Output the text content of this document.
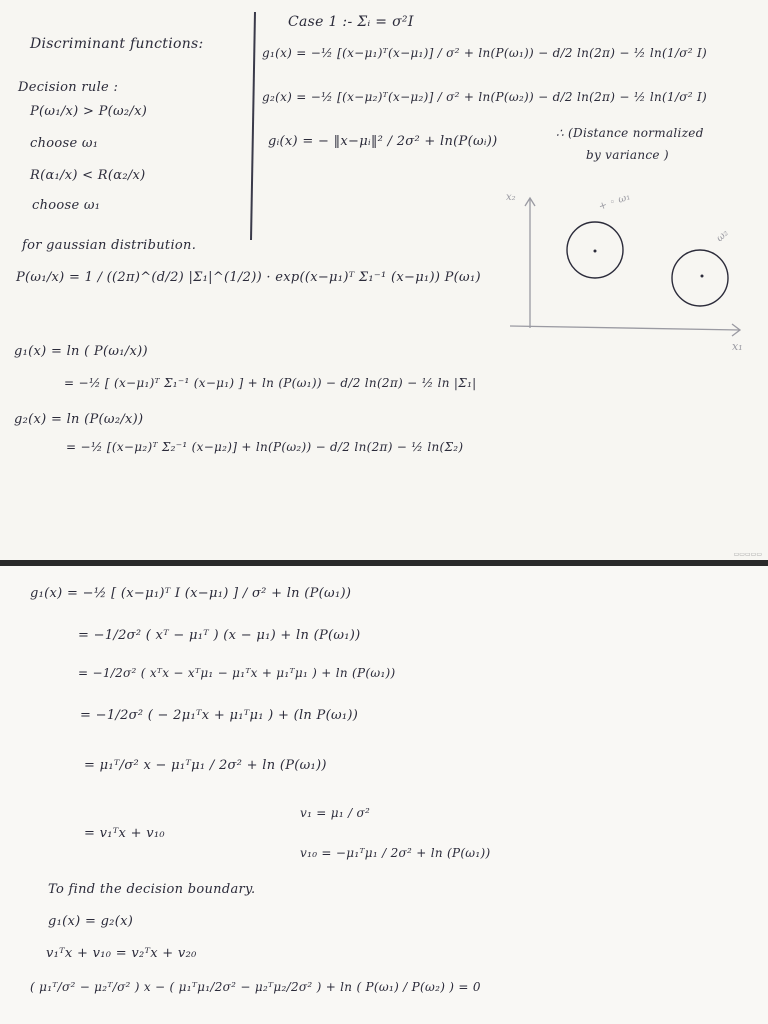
Discriminant functions:
Decision rule :
P(ω₁/x) > P(ω₂/x)
choose ω₁
R(α₁/x) < R(α₂/x)
choose ω₁
Case 1 :- Σᵢ = σ²I
g₁(x) = −½ [(x−μ₁)ᵀ(x−μ₁)] / σ² + ln(P(ω₁)) − d/2 ln(2π) − ½ ln(1/σ² I)
g₂(x) = −½ [(x−μ₂)ᵀ(x−μ₂)] / σ² + ln(P(ω₂)) − d/2 ln(2π) − ½ ln(1/σ² I)
gᵢ(x) = − ‖x−μᵢ‖² / 2σ² + ln(P(ωᵢ))
∴ (Distance normalized
by variance )
x₂
x₁
+ ◦ ω₁
ω₂
for gaussian distribution.
P(ω₁/x) = 1 / ((2π)^(d/2) |Σ₁|^(1/2)) · exp((x−μ₁)ᵀ Σ₁⁻¹ (x−μ₁)) P(ω₁)
g₁(x) = ln ( P(ω₁/x))
= −½ [ (x−μ₁)ᵀ Σ₁⁻¹ (x−μ₁) ] + ln (P(ω₁)) − d/2 ln(2π) − ½ ln |Σ₁|
g₂(x) = ln (P(ω₂/x))
= −½ [(x−μ₂)ᵀ Σ₂⁻¹ (x−μ₂)] + ln(P(ω₂)) − d/2 ln(2π) − ½ ln(Σ₂)
▭▭▭▭▭
g₁(x) = −½ [ (x−μ₁)ᵀ I (x−μ₁) ] / σ² + ln (P(ω₁))
= −1/2σ² ( xᵀ − μ₁ᵀ ) (x − μ₁) + ln (P(ω₁))
= −1/2σ² ( xᵀx − xᵀμ₁ − μ₁ᵀx + μ₁ᵀμ₁ ) + ln (P(ω₁))
= −1/2σ² ( − 2μ₁ᵀx + μ₁ᵀμ₁ ) + (ln P(ω₁))
= μ₁ᵀ/σ² x − μ₁ᵀμ₁ / 2σ² + ln (P(ω₁))
= v₁ᵀx + v₁₀
v₁ = μ₁ / σ²
v₁₀ = −μ₁ᵀμ₁ / 2σ² + ln (P(ω₁))
To find the decision boundary.
g₁(x) = g₂(x)
v₁ᵀx + v₁₀ = v₂ᵀx + v₂₀
( μ₁ᵀ/σ² − μ₂ᵀ/σ² ) x − ( μ₁ᵀμ₁/2σ² − μ₂ᵀμ₂/2σ² ) + ln ( P(ω₁) / P(ω₂) ) = 0
